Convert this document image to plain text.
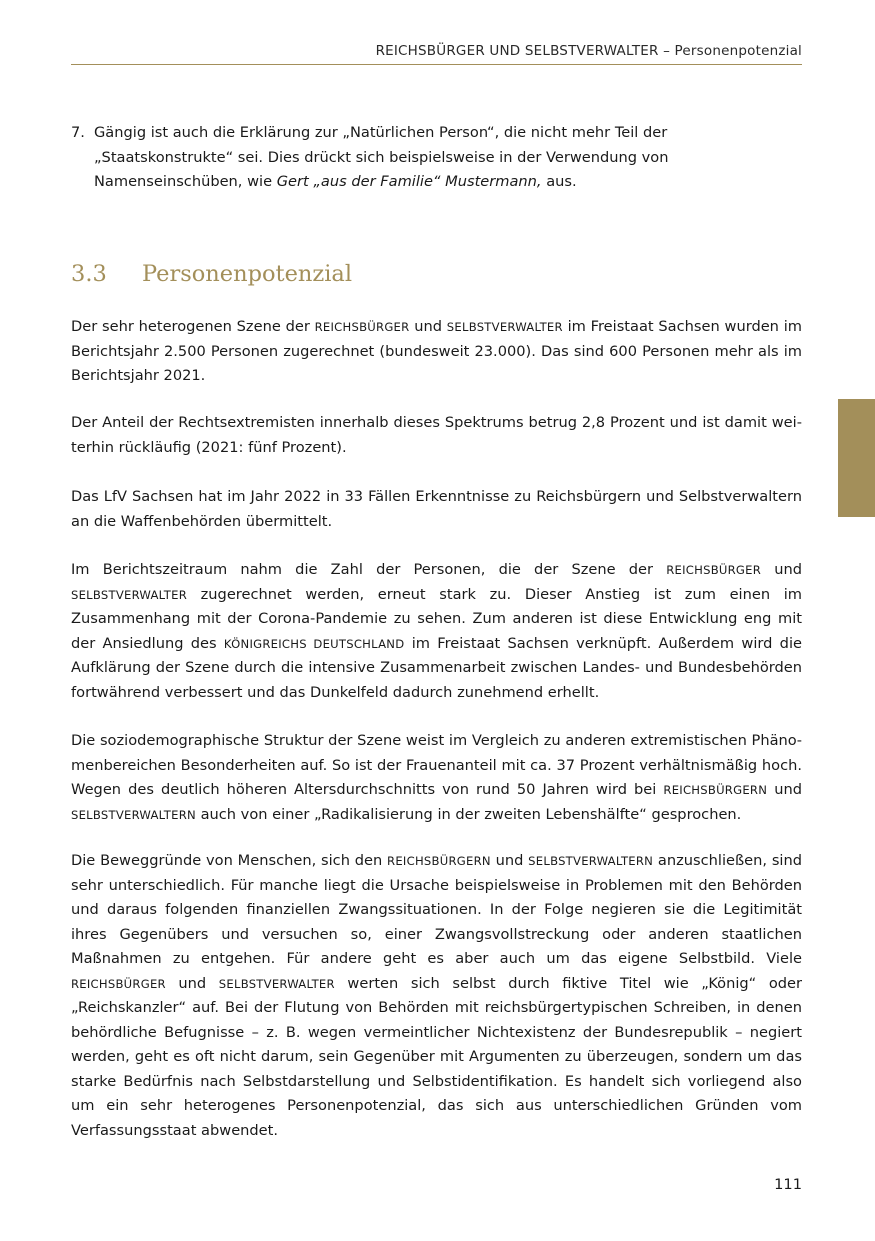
REICHSBÜRGER UND SELBSTVERWALTER – Personenpotenzial
7. Gängig ist auch die Erklärung zur „Natürlichen Person“, die nicht mehr Teil der „Staatskonstrukte“ sei. Dies drückt sich beispielsweise in der Verwendung von Namenseinschüben, wie Gert „aus der Familie“ Mustermann, aus.
3.3 Personenpotenzial

Der sehr heterogenen Szene der REICHSBÜRGER und SELBSTVERWALTER im Freistaat Sachsen wurden im Berichtsjahr 2.500 Personen zugerechnet (bundesweit 23.000). Das sind 600 Personen mehr als im Berichtsjahr 2021.

Der Anteil der Rechtsextremisten innerhalb dieses Spektrums betrug 2,8 Prozent und ist damit weiterhin rückläufig (2021: fünf Prozent).

Das LfV Sachsen hat im Jahr 2022 in 33 Fällen Erkenntnisse zu Reichsbürgern und Selbstverwaltern an die Waffenbehörden übermittelt.

Im Berichtszeitraum nahm die Zahl der Personen, die der Szene der REICHSBÜRGER und SELBSTVERWALTER zugerechnet werden, erneut stark zu. Dieser Anstieg ist zum einen im Zusammenhang mit der Corona-Pandemie zu sehen. Zum anderen ist diese Entwicklung eng mit der Ansiedlung des KÖNIGREICHS DEUTSCHLAND im Freistaat Sachsen verknüpft. Außerdem wird die Aufklärung der Szene durch die intensive Zusammenarbeit zwischen Landes- und Bundesbehörden fortwährend verbessert und das Dunkelfeld dadurch zunehmend erhellt.

Die soziodemographische Struktur der Szene weist im Vergleich zu anderen extremistischen Phänomenbereichen Besonderheiten auf. So ist der Frauenanteil mit ca. 37 Prozent verhältnismäßig hoch. Wegen des deutlich höheren Altersdurchschnitts von rund 50 Jahren wird bei REICHSBÜRGERN und SELBSTVERWALTERN auch von einer „Radikalisierung in der zweiten Lebenshälfte“ gesprochen.

Die Beweggründe von Menschen, sich den REICHSBÜRGERN und SELBSTVERWALTERN anzuschließen, sind sehr unterschiedlich. Für manche liegt die Ursache beispielsweise in Problemen mit den Behörden und daraus folgenden finanziellen Zwangssituationen. In der Folge negieren sie die Legitimität ihres Gegenübers und versuchen so, einer Zwangsvollstreckung oder anderen staatlichen Maßnahmen zu entgehen. Für andere geht es aber auch um das eigene Selbstbild. Viele REICHSBÜRGER und SELBSTVERWALTER werten sich selbst durch fiktive Titel wie „König“ oder „Reichskanzler“ auf. Bei der Flutung von Behörden mit reichsbürgertypischen Schreiben, in denen behördliche Befugnisse – z. B. wegen vermeintlicher Nichtexistenz der Bundesrepublik – negiert werden, geht es oft nicht darum, sein Gegenüber mit Argumenten zu überzeugen, sondern um das starke Bedürfnis nach Selbstdarstellung und Selbstidentifikation. Es handelt sich vorliegend also um ein sehr heterogenes Personenpotenzial, das sich aus unterschiedlichen Gründen vom Verfassungsstaat abwendet.

111
